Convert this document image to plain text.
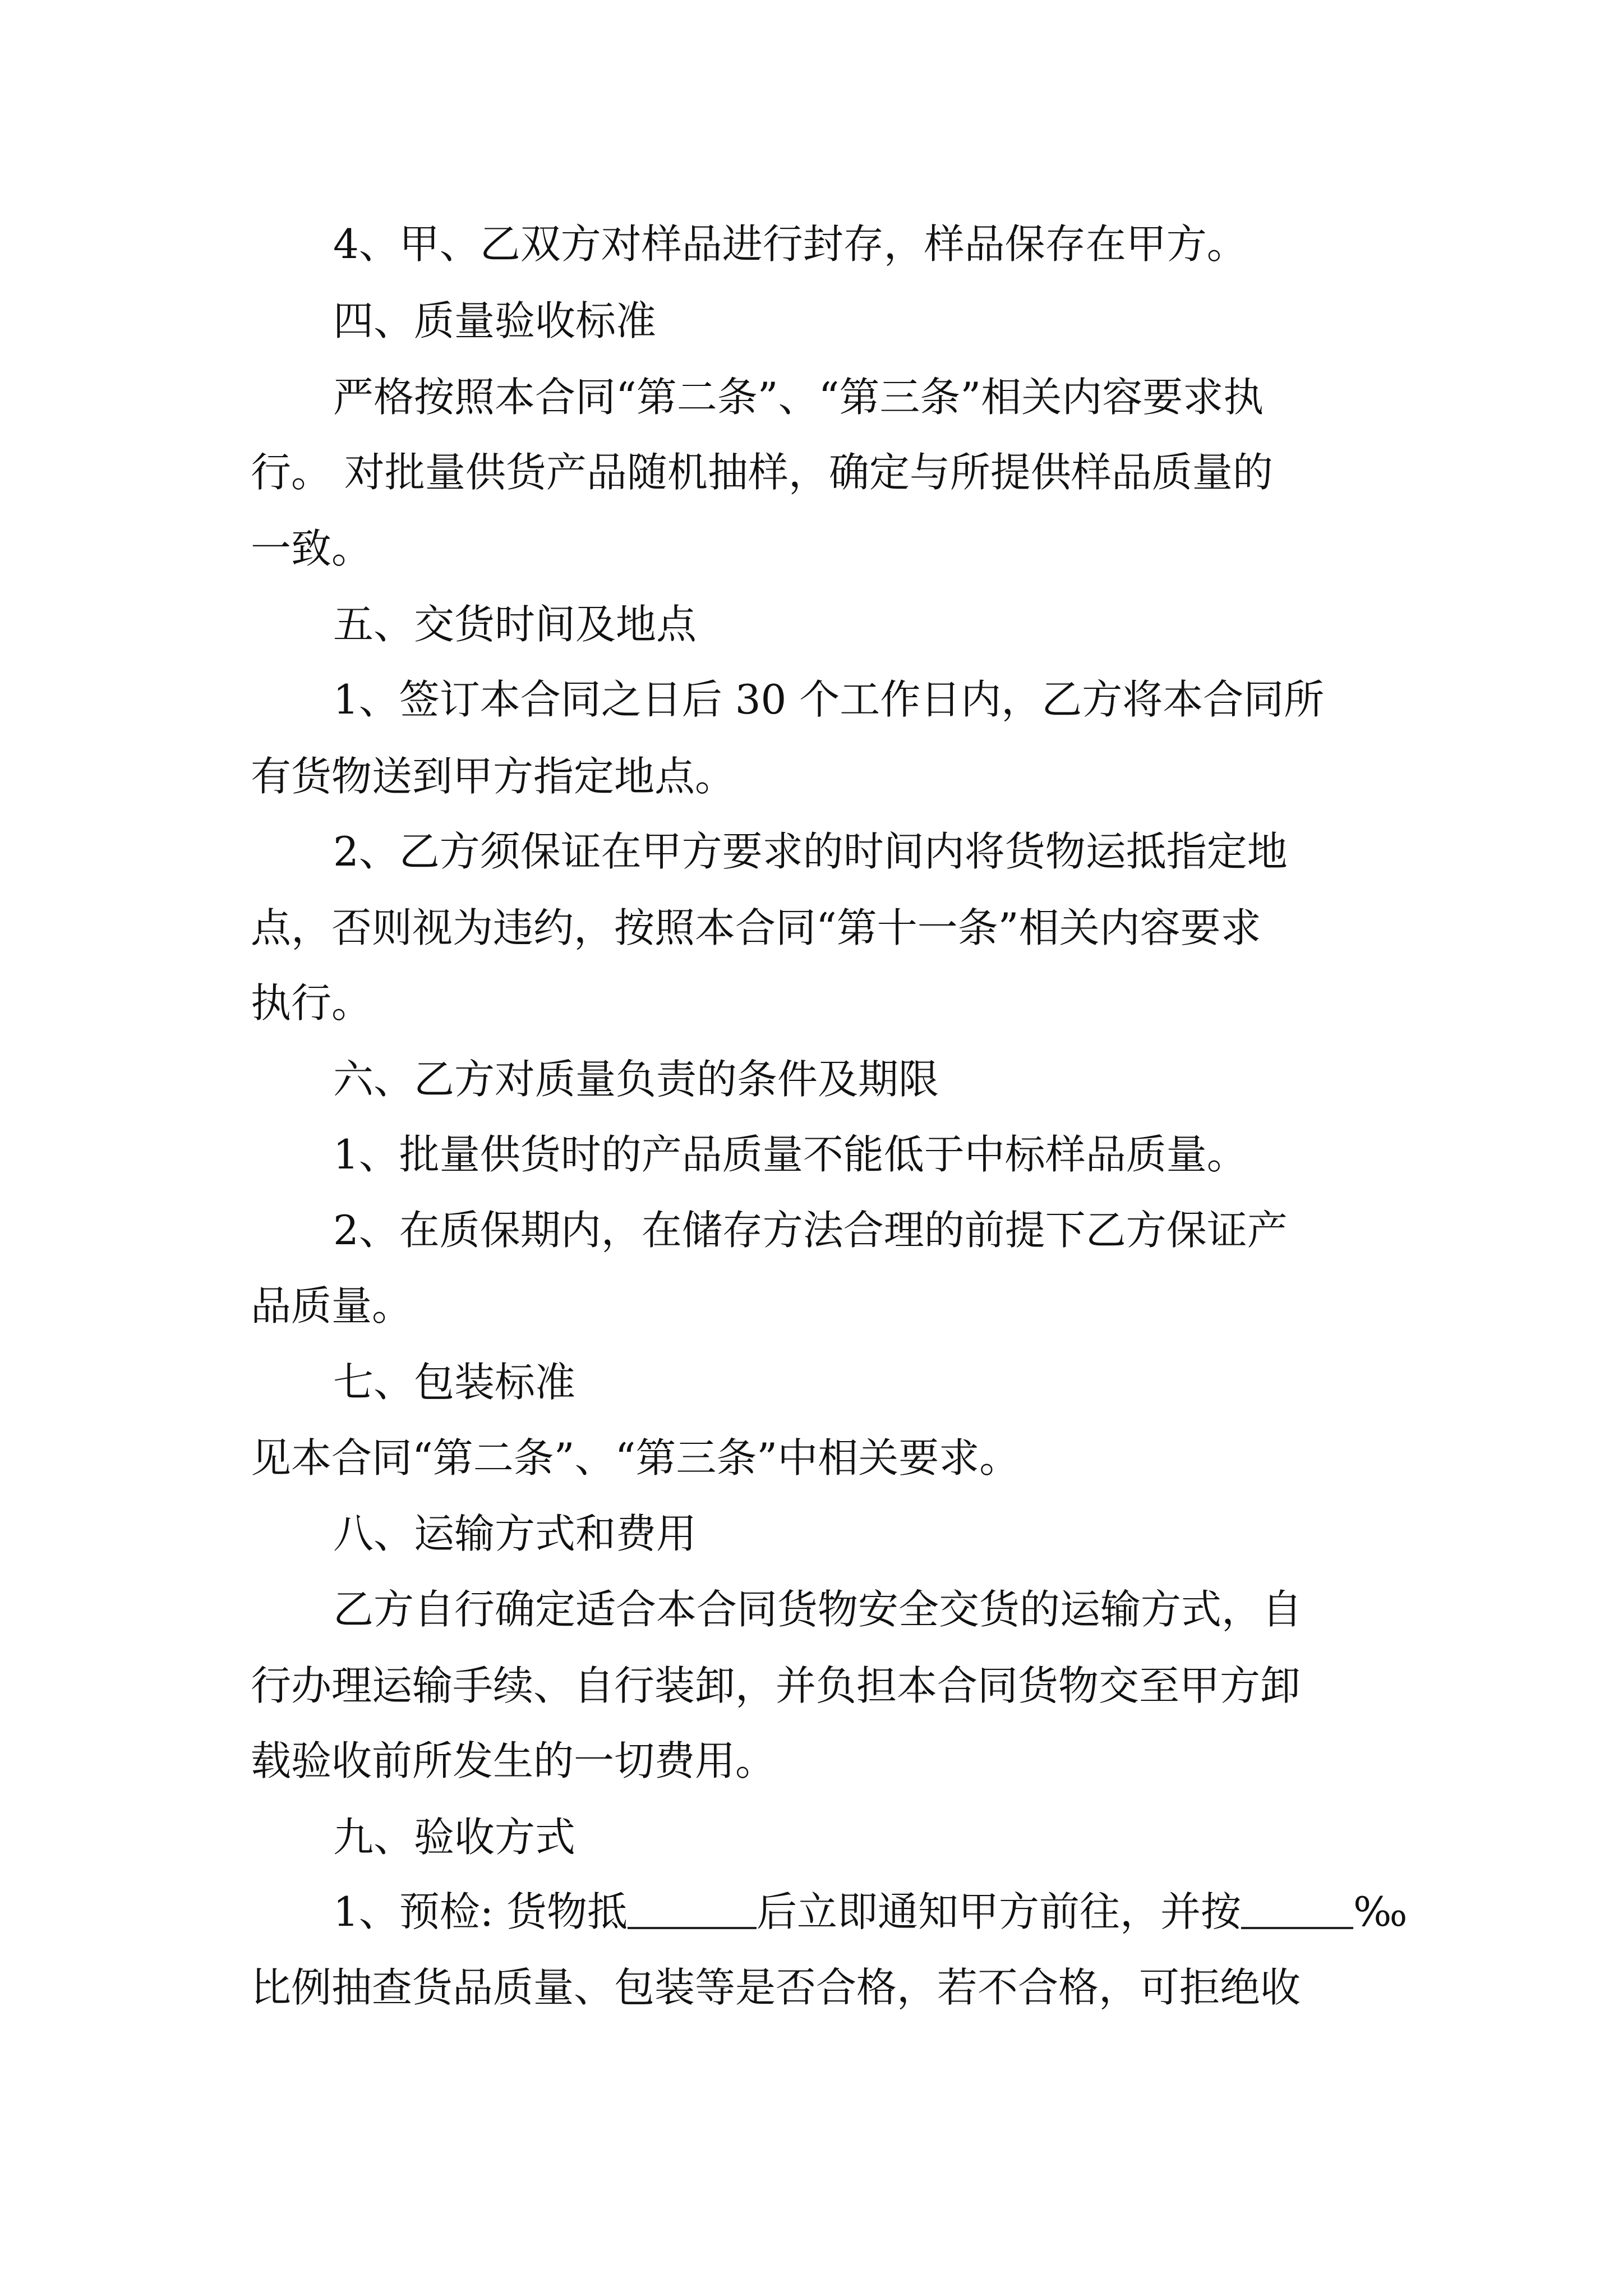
4、甲、乙双方对样品进行封存，样品保存在甲方。
四、质量验收标准
严格按照本合同“第二条”、“第三条”相关内容要求执
行。 对批量供货产品随机抽样，确定与所提供样品质量的
一致。
五、交货时间及地点
1、签订本合同之日后 30 个工作日内，乙方将本合同所
有货物送到甲方指定地点。
2、乙方须保证在甲方要求的时间内将货物运抵指定地
点，否则视为违约，按照本合同“第十一条”相关内容要求
执行。
六、乙方对质量负责的条件及期限
1、批量供货时的产品质量不能低于中标样品质量。
2、在质保期内，在储存方法合理的前提下乙方保证产
品质量。
七、包装标准
见本合同“第二条”、“第三条”中相关要求。
八、运输方式和费用
乙方自行确定适合本合同货物安全交货的运输方式，自
行办理运输手续、自行装卸，并负担本合同货物交至甲方卸
载验收前所发生的一切费用。
九、验收方式
1、预检: 货物抵	后立即通知甲方前往，并按	‰
比例抽查货品质量、包装等是否合格，若不合格，可拒绝收
